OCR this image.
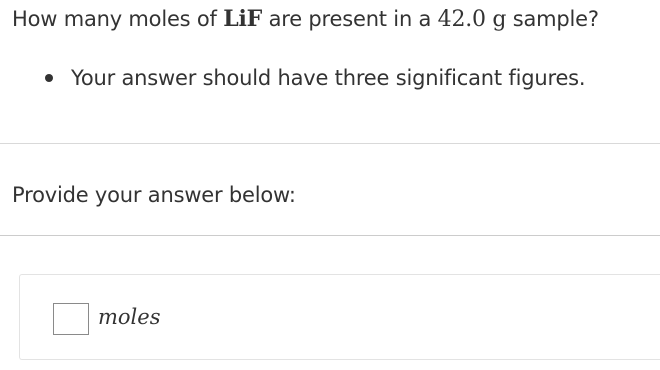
How many moles of LiF are present in a 42.0 g sample?
Your answer should have three significant figures.
Provide your answer below:
moles
